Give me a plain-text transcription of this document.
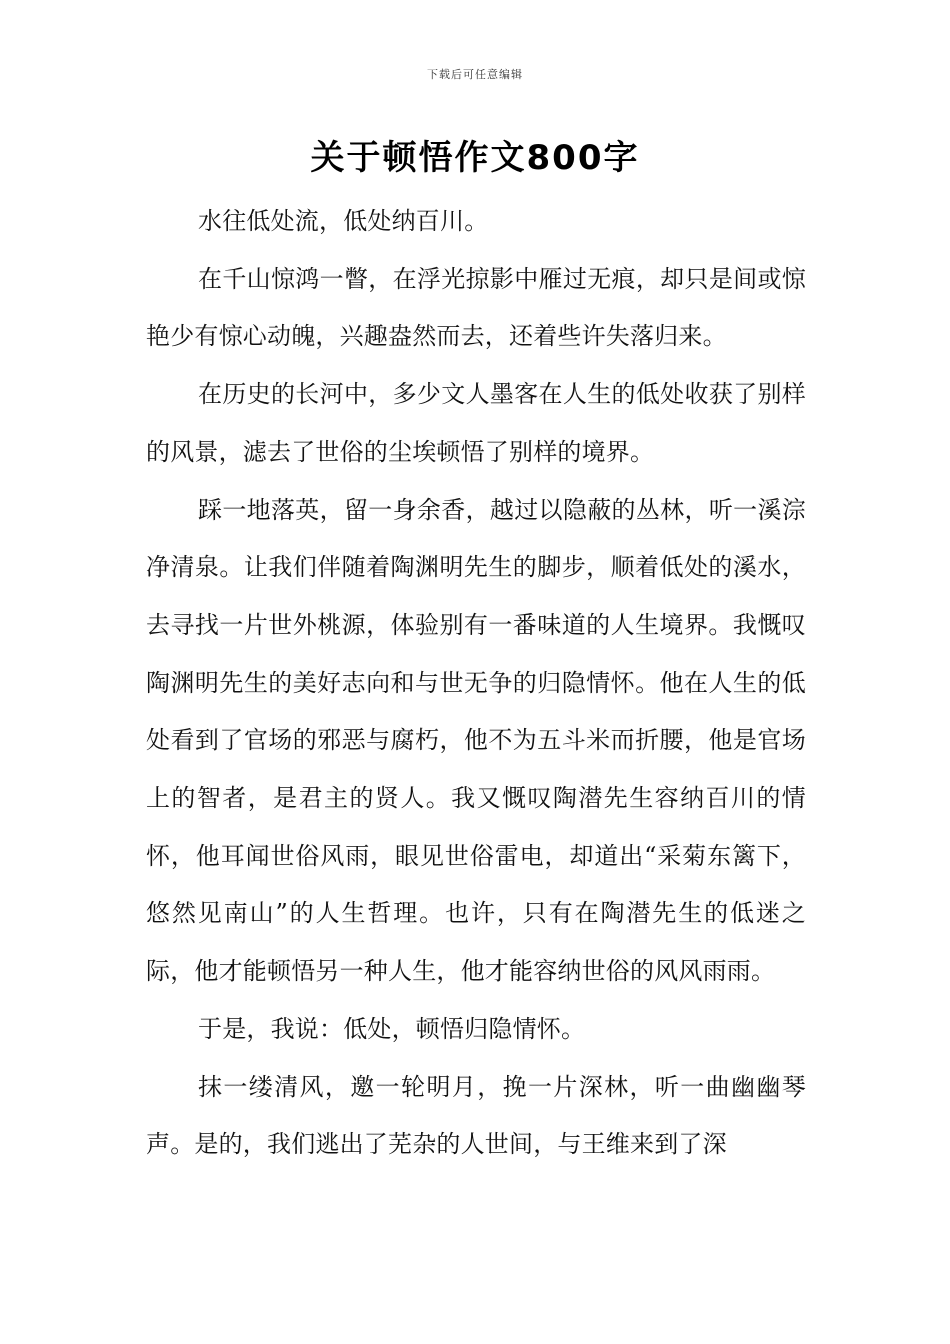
下载后可任意编辑
关于顿悟作文800字

水往低处流，低处纳百川。

在千山惊鸿一瞥，在浮光掠影中雁过无痕，却只是间或惊艳少有惊心动魄，兴趣盎然而去，还着些许失落归来。

在历史的长河中，多少文人墨客在人生的低处收获了别样的风景，滤去了世俗的尘埃顿悟了别样的境界。

踩一地落英，留一身余香，越过以隐蔽的丛林，听一溪淙净清泉。让我们伴随着陶渊明先生的脚步，顺着低处的溪水，去寻找一片世外桃源，体验别有一番味道的人生境界。我慨叹陶渊明先生的美好志向和与世无争的归隐情怀。他在人生的低处看到了官场的邪恶与腐朽，他不为五斗米而折腰，他是官场上的智者，是君主的贤人。我又慨叹陶潜先生容纳百川的情怀，他耳闻世俗风雨，眼见世俗雷电，却道出“采菊东篱下，悠然见南山”的人生哲理。也许，只有在陶潜先生的低迷之际，他才能顿悟另一种人生，他才能容纳世俗的风风雨雨。

于是，我说：低处，顿悟归隐情怀。

抹一缕清风，邀一轮明月，挽一片深林，听一曲幽幽琴声。是的，我们逃出了芜杂的人世间，与王维来到了深
